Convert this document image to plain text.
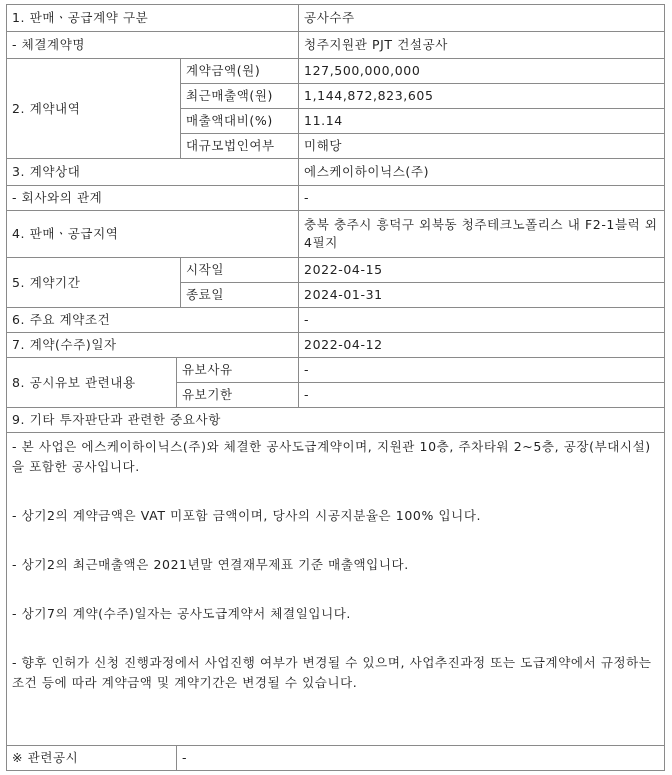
1. 판매ㆍ공급계약 구분			공사수주
- 체결계약명			청주지원관 PJT 건설공사
2. 계약내역		계약금액(원)	127,500,000,000
		최근매출액(원)	1,144,872,823,605
		매출액대비(%)	11.14
		대규모법인여부	미해당
3. 계약상대			에스케이하이닉스(주)
- 회사와의 관계			-
4. 판매ㆍ공급지역			충북 충주시 흥덕구 외북동 청주테크노폴리스 내 F2-1블럭 외 4필지
5. 계약기간		시작일	2022-04-15
		종료일	2024-01-31
6. 주요 계약조건			-
7. 계약(수주)일자			2022-04-12
8. 공시유보 관련내용	유보사유		-
	유보기한		-
9. 기타 투자판단과 관련한 중요사항			

- 본 사업은 에스케이하이닉스(주)와 체결한 공사도급계약이며, 지원관 10층, 주차타워 2~5층, 공장(부대시설)을 포함한 공사입니다.

- 상기2의 계약금액은 VAT 미포함 금액이며, 당사의 시공지분율은 100% 입니다.

- 상기2의 최근매출액은 2021년말 연결재무제표 기준 매출액입니다.

- 상기7의 계약(수주)일자는 공사도급계약서 체결일입니다.

- 향후 인허가 신청 진행과정에서 사업진행 여부가 변경될 수 있으며, 사업추진과정 또는 도급계약에서 규정하는 조건 등에 따라 계약금액 및 계약기간은 변경될 수 있습니다.			

※ 관련공시	-		
